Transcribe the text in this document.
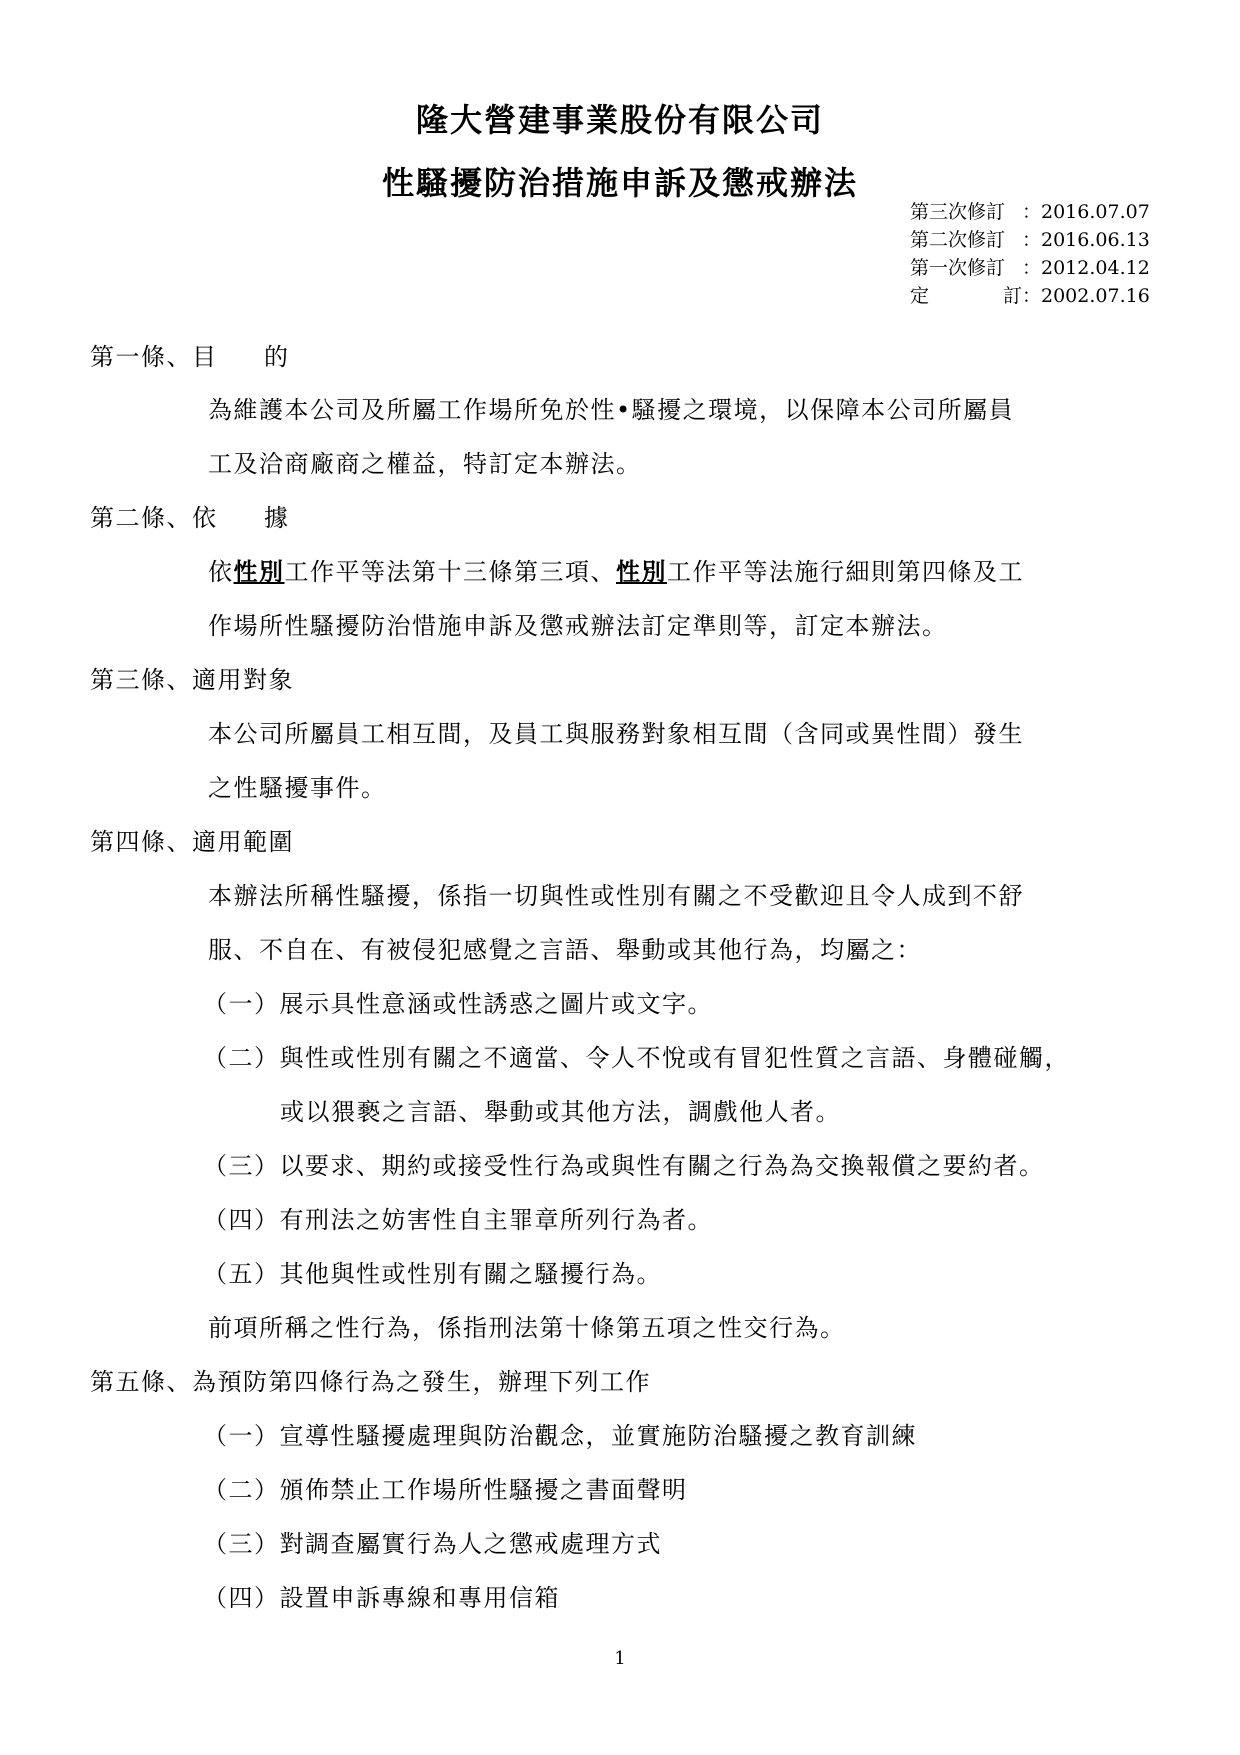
隆大營建事業股份有限公司
性騷擾防治措施申訴及懲戒辦法
第三次修訂 ：2016.07.07
第二次修訂 ：2016.06.13
第一次修訂 ：2012.04.12
定	訂 ：2002.07.16
第一條、目的
為維護本公司及所屬工作場所免於性•騷擾之環境，以保障本公司所屬員
工及洽商廠商之權益，特訂定本辦法。
第二條、依據
依性別工作平等法第十三條第三項、性別工作平等法施行細則第四條及工
作場所性騷擾防治惜施申訴及懲戒辦法訂定準則等，訂定本辦法。
第三條、適用對象
本公司所屬員工相互間，及員工與服務對象相互間（含同或異性間）發生
之性騷擾事件。
第四條、適用範圍
本辦法所稱性騷擾，係指一切與性或性別有關之不受歡迎且令人成到不舒
服、不自在、有被侵犯感覺之言語、舉動或其他行為，均屬之：
（一）展示具性意涵或性誘惑之圖片或文字。
（二）與性或性別有關之不適當、令人不悅或有冒犯性質之言語、身體碰觸，
或以猥褻之言語、舉動或其他方法，調戲他人者。
（三）以要求、期約或接受性行為或與性有關之行為為交換報償之要約者。
（四）有刑法之妨害性自主罪章所列行為者。
（五）其他與性或性別有關之騷擾行為。
前項所稱之性行為，係指刑法第十條第五項之性交行為。
第五條、為預防第四條行為之發生，辦理下列工作
（一）宣導性騷擾處理與防治觀念，並實施防治騷擾之教育訓練
（二）頒佈禁止工作場所性騷擾之書面聲明
（三）對調查屬實行為人之懲戒處理方式
（四）設置申訴專線和專用信箱
1
